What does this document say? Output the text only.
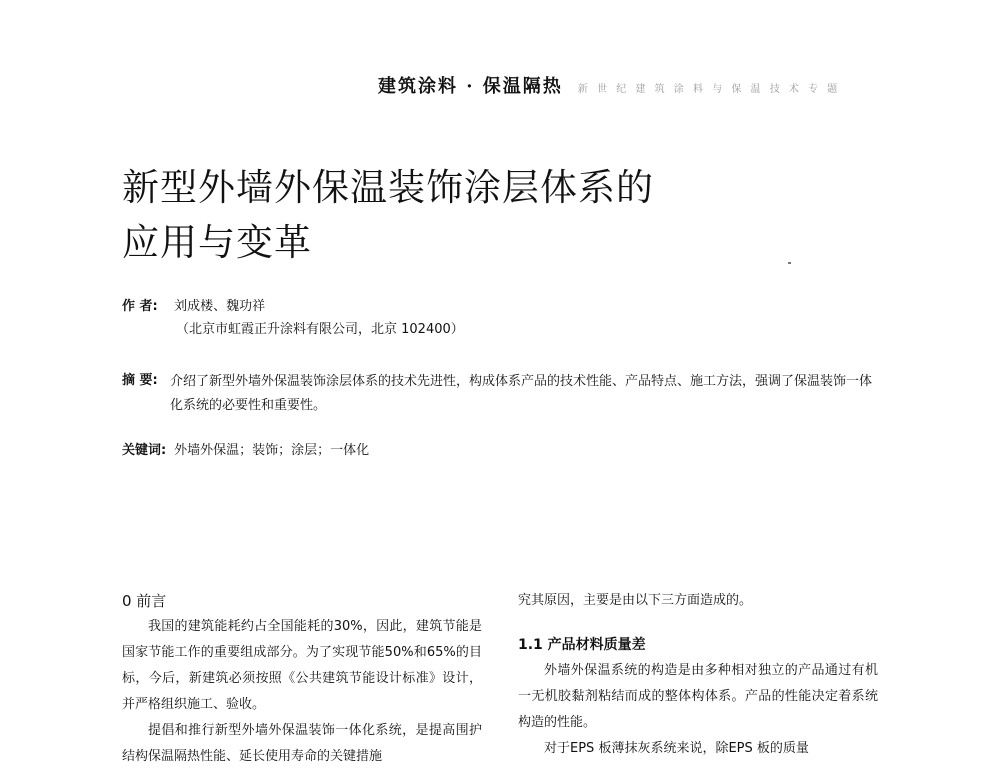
建筑涂料 · 保温隔热 新 世 纪 建 筑 涂 料 与 保 温 技 术 专 题
新型外墙外保温装饰涂层体系的
应用与变革
作 者: 刘成楼、魏功祥
（北京市虹霞正升涂料有限公司，北京 102400）
摘 要: 介绍了新型外墙外保温装饰涂层体系的技术先进性，构成体系产品的技术性能、产品特点、施工方法，强调了保温装饰一体化系统的必要性和重要性。
关键词: 外墙外保温；装饰；涂层；一体化
0 前言

我国的建筑能耗约占全国能耗的30%，因此，建筑节能是国家节能工作的重要组成部分。为了实现节能50%和65%的目标，今后，新建筑必须按照《公共建筑节能设计标准》设计，并严格组织施工、验收。

提倡和推行新型外墙外保温装饰一体化系统，是提高围护结构保温隔热性能、延长使用寿命的关键措施

究其原因，主要是由以下三方面造成的。

1.1 产品材料质量差

外墙外保温系统的构造是由多种相对独立的产品通过有机一无机胶黏剂粘结而成的整体构体系。产品的性能决定着系统构造的性能。

对于EPS 板薄抹灰系统来说，除EPS 板的质量
